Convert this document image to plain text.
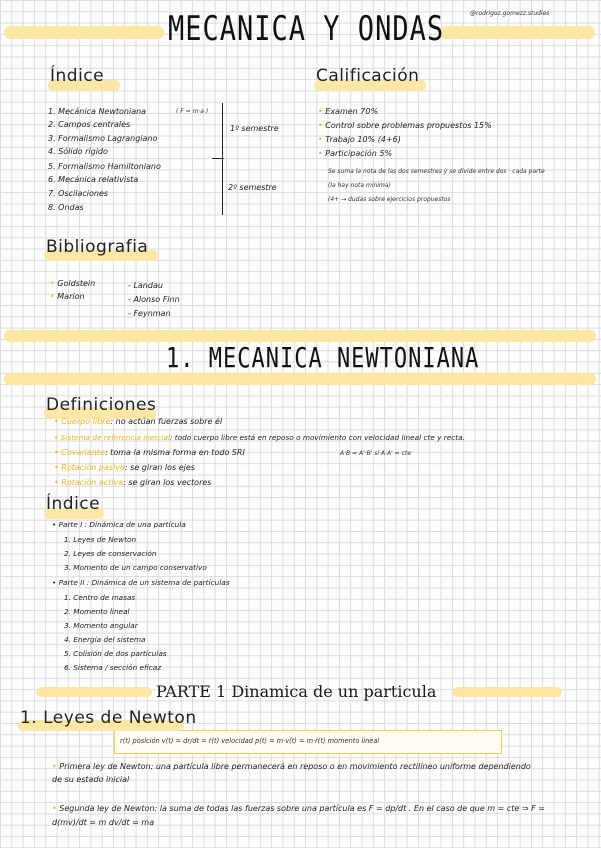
MECANICA Y ONDAS	@rodrigoz.gomezz.studies
Índice
1. Mecánica Newtoniana
2. Campos centrales
3. Formalismo Lagrangiano
4. Sólido rígido
5. Formalismo Hamiltoniano
6. Mecánica relativista
7. Oscilaciones
8. Ondas
( F = m·a )
1º semestre
2º semestre
Calificación
• Examen 70%
• Control sobre problemas propuestos 15%
• Trabajo 10% (4+6)
• Participación 5%
Se suma la nota de las dos semestres y se divide entre dos · cada parte
(la hay nota mínima)
(4+ → dudas sobre ejercicios propuestos
Bibliografia
• Goldstein
• Marion
- Landau
- Alonso Finn
- Feynman
1. MECANICA NEWTONIANA
Definiciones
• Cuerpo libre: no actúan fuerzas sobre él
• Sistema de referencia inercial: todo cuerpo libre está en reposo o movimiento con velocidad lineal cte y recta.
• Covariante: toma la misma forma en todo SRI	A·B = A'·B' si A·A' = cte
• Rotación pasiva: se giran los ejes
• Rotación activa: se giran los vectores
Índice
• Parte I : Dinámica de una partícula
1. Leyes de Newton
2. Leyes de conservación
3. Momento de un campo conservativo
• Parte II : Dinámica de un sistema de partículas
1. Centro de masas
2. Momento lineal
3. Momento angular
4. Energía del sistema
5. Colisión de dos partículas
6. Sistema / sección eficaz
PARTE 1 Dinamica de un particula
1. Leyes de Newton
r(t) posición v(t) = dr/dt = ṙ(t) velocidad p(t) = m·v(t) = m·ṙ(t) momento lineal
• Primera ley de Newton: una partícula libre permanecerá en reposo o en movimiento rectilíneo uniforme dependiendo de su estado inicial
• Segunda ley de Newton: la suma de todas las fuerzas sobre una partícula es F = dp/dt . En el caso de que m = cte ⇒ F = d(mv)/dt = m dv/dt = ma
